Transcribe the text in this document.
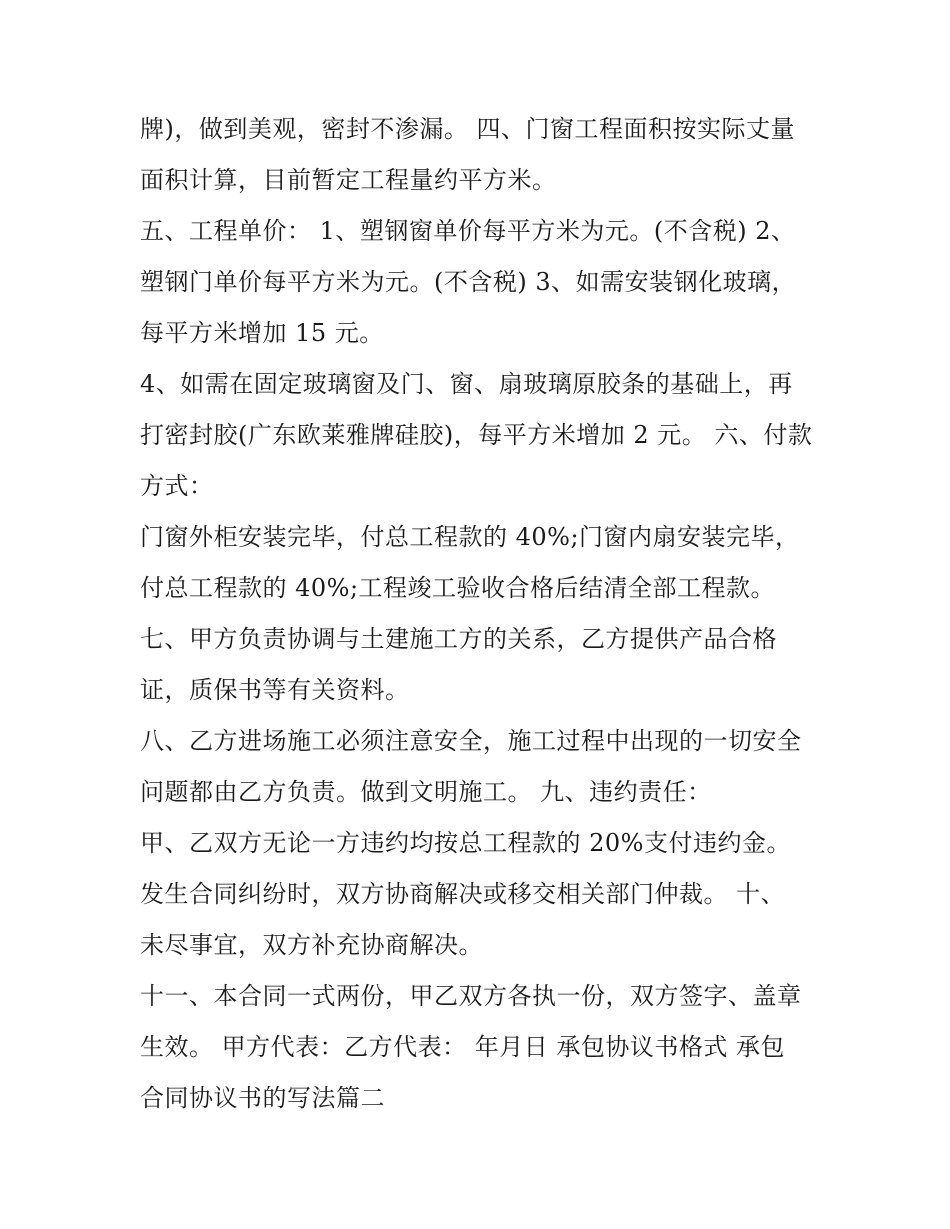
牌)，做到美观，密封不渗漏。 四、门窗工程面积按实际丈量
面积计算，目前暂定工程量约平方米。
五、工程单价： 1、塑钢窗单价每平方米为元。(不含税) 2、
塑钢门单价每平方米为元。(不含税) 3、如需安装钢化玻璃，
每平方米增加 15 元。
4、如需在固定玻璃窗及门、窗、扇玻璃原胶条的基础上，再
打密封胶(广东欧莱雅牌硅胶)，每平方米增加 2 元。 六、付款
方式：
门窗外柜安装完毕，付总工程款的 40%;门窗内扇安装完毕，
付总工程款的 40%;工程竣工验收合格后结清全部工程款。
七、甲方负责协调与土建施工方的关系，乙方提供产品合格
证，质保书等有关资料。
八、乙方进场施工必须注意安全，施工过程中出现的一切安全
问题都由乙方负责。做到文明施工。 九、违约责任：
甲、乙双方无论一方违约均按总工程款的 20%支付违约金。
发生合同纠纷时，双方协商解决或移交相关部门仲裁。 十、
未尽事宜，双方补充协商解决。
十一、本合同一式两份，甲乙双方各执一份，双方签字、盖章
生效。 甲方代表：乙方代表： 年月日 承包协议书格式 承包
合同协议书的写法篇二
